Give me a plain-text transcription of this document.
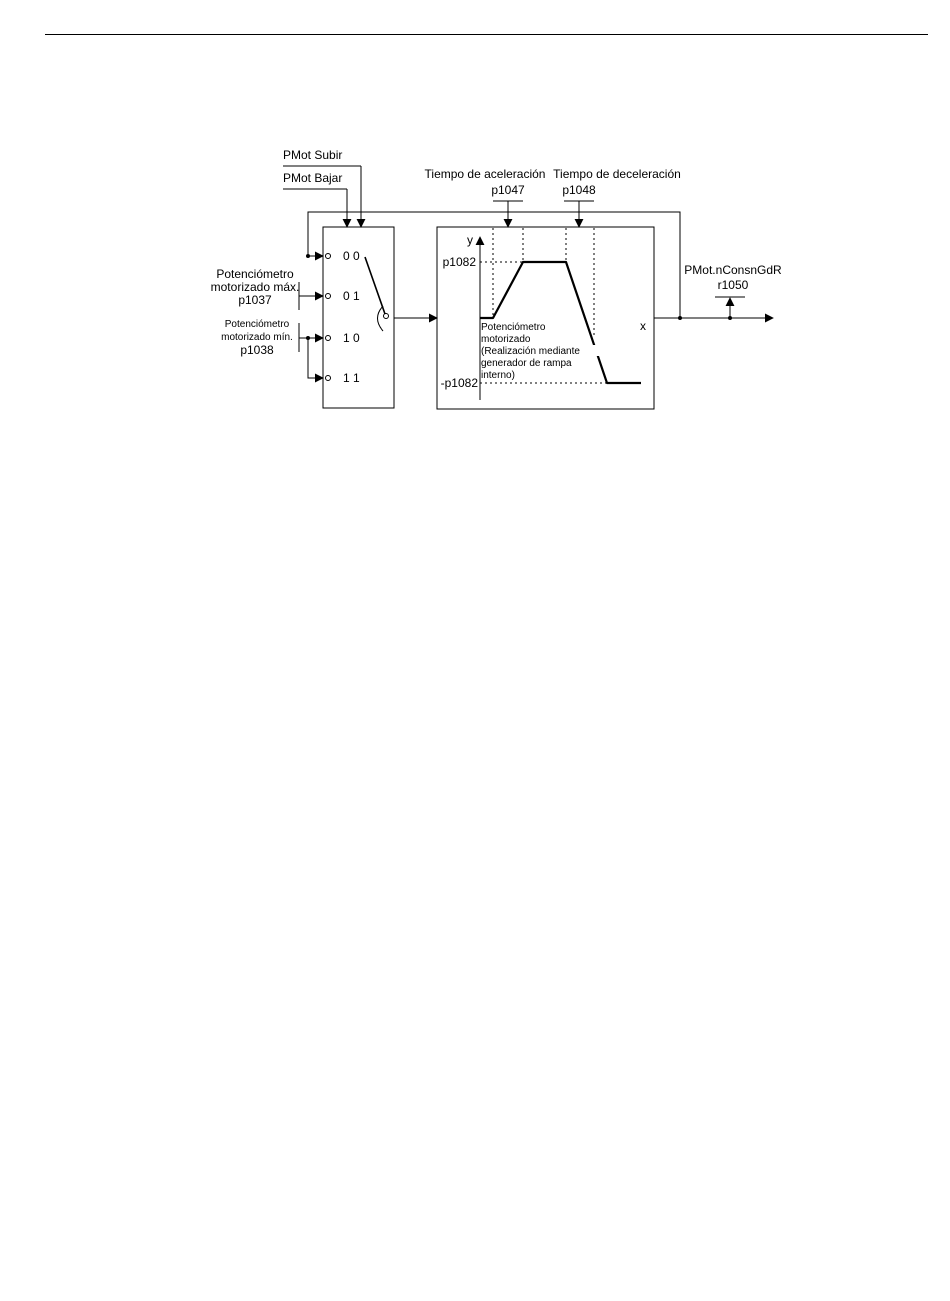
PMot Subir
PMot Bajar
Potenciómetro
motorizado máx.
p1037
Potenciómetro
motorizado mín.
p1038
0 0
0 1
1 0
1 1
Tiempo de aceleración
p1047
Tiempo de deceleración
p1048
y
x
p1082
-p1082
Potenciómetro
motorizado
(Realización mediante
generador de rampa
interno)
PMot.nConsnGdR
r1050
